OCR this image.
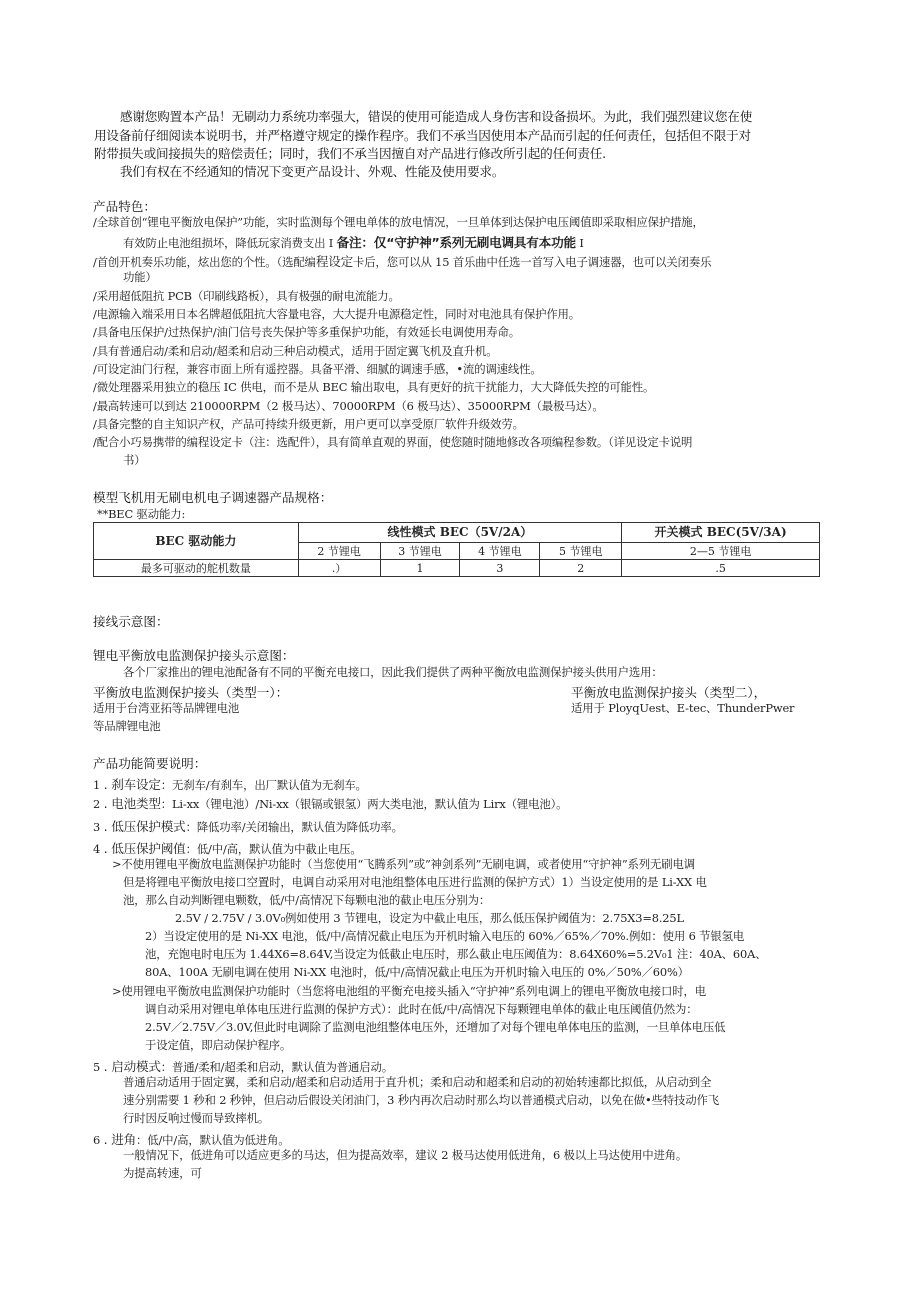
感谢您购置本产品！无刷动力系统功率强大，错误的使用可能造成人身伤害和设备损坏。为此，我们强烈建议您在使
用设备前仔细阅读本说明书，并严格遵守规定的操作程序。我们不承当因使用本产品而引起的任何责任，包括但不限于对
附带损失或间接损失的赔偿责任；同时，我们不承当因擅自对产品进行修改所引起的任何责任.
我们有权在不经通知的情况下变更产品设计、外观、性能及使用要求。
产品特色：
/全球首创“锂电平衡放电保护”功能，实时监测每个锂电单体的放电情况，一旦单体到达保护电压阈值即采取相应保护措施，
有效防止电池组损坏，降低玩家消费支出 I 备注：仅“守护神”系列无刷电调具有本功能 I
/首创开机奏乐功能，炫出您的个性。（选配编程设定卡后，您可以从 15 首乐曲中任选一首写入电子调速器，也可以关闭奏乐
功能）
/采用超低阻抗 PCB（印刷线路板），具有极强的耐电流能力。
/电源输入端采用日本名牌超低阻抗大容量电容，大大提升电源稳定性，同时对电池具有保护作用。
/具备电压保护/过热保护/油门信号丧失保护等多重保护功能，有效延长电调使用寿命。
/具有普通启动/柔和启动/超柔和启动三种启动模式，适用于固定翼飞机及直升机。
/可设定油门行程，兼容市面上所有遥控器。具备平滑、细腻的调速手感，•流的调速线性。
/微处理器采用独立的稳压 IC 供电，而不是从 BEC 输出取电，具有更好的抗干扰能力，大大降低失控的可能性。
/最高转速可以到达 210000RPM（2 极马达）、70000RPM（6 极马达）、35000RPM（最极马达）。
/具备完整的自主知识产权，产品可持续升级更新，用户更可以享受原厂软件升级效劳。
/配合小巧易携带的编程设定卡（注：选配件），具有简单直观的界面，使您随时随地修改各项编程参数。（详见设定卡说明
书）
模型飞机用无刷电机电子调速器产品规格：
**BEC 驱动能力:
BEC 驱动能力	线性模式 BEC（5V/2A）				开关模式 BEC(5V/3A)
	2 节锂电	3 节锂电	4 节锂电	5 节锂电	2—5 节锂电
最多可驱动的舵机数量	.）	1	3	2	.5
接线示意图：
锂电平衡放电监测保护接头示意图：
各个厂家推出的锂电池配备有不同的平衡充电接口，因此我们提供了两种平衡放电监测保护接头供用户选用：
平衡放电监测保护接头（类型一）：
适用于台湾亚拓等品牌锂电池
等品牌锂电池
平衡放电监测保护接头（类型二），
适用于 PloyqUest、E-tec、ThunderPwer
产品功能简要说明：
1 . 刹车设定：无刹车/有刹车，出厂默认值为无刹车。
2 . 电池类型：Li-xx（锂电池）/Ni-xx（银镉或银氢）两大类电池，默认值为 Lirx（锂电池）。
3 . 低压保护模式：降低功率/关闭输出，默认值为降低功率。
4 . 低压保护阈值：低/中/高，默认值为中截止电压。
>不使用锂电平衡放电监测保护功能时（当您使用“飞腾系列”或”神剑系列”无刷电调，或者使用“守护神”系列无刷电调
但是将锂电平衡放电接口空置时，电调自动采用对电池组整体电压进行监测的保护方式）1）当设定使用的是 Li-XX 电
池，那么自动判断锂电颗数，低/中/高情况下每颗电池的截止电压分别为：
2.5V / 2.75V / 3.0V₀例如使用 3 节锂电，设定为中截止电压，那么低压保护阈值为：2.75X3=8.25L
2）当设定使用的是 Ni-XX 电池，低/中/高情况截止电压为开机时输入电压的 60%／65%／70%.例如：使用 6 节银氢电
池，充饱电时电压为 1.44X6=8.64V,当设定为低截止电压时，那么截止电压阈值为：8.64X60%=5.2V₀1 注：40A、60A、
80A、100A 无刷电调在使用 Ni-XX 电池时，低/中/高情况截止电压为开机时输入电压的 0%／50%／60%）
>使用锂电平衡放电监测保护功能时（当您将电池组的平衡充电接头插入“守护神”系列电调上的锂电平衡放电接口时，电
调自动采用对锂电单体电压进行监测的保护方式）：此时在低/中/高情况下每颗锂电单体的截止电压阈值仍然为：
2.5V／2.75V／3.0V,但此时电调除了监测电池组整体电压外，还增加了对每个锂电单体电压的监测，一旦单体电压低
于设定值，即启动保护程序。
5 . 启动模式：普通/柔和/超柔和启动，默认值为普通启动。
普通启动适用于固定翼，柔和启动/超柔和启动适用于直升机；柔和启动和超柔和启动的初始转速都比拟低，从启动到全
速分别需要 1 秒和 2 秒钟，但启动后假设关闭油门，3 秒内再次启动时那么均以普通模式启动，以免在做•些特技动作飞
行时因反响过慢而导致摔机。
6 . 进角：低/中/高，默认值为低进角。
一般情况下，低进角可以适应更多的马达，但为提高效率，建议 2 极马达使用低进角，6 极以上马达使用中进角。
为提高转速，可
